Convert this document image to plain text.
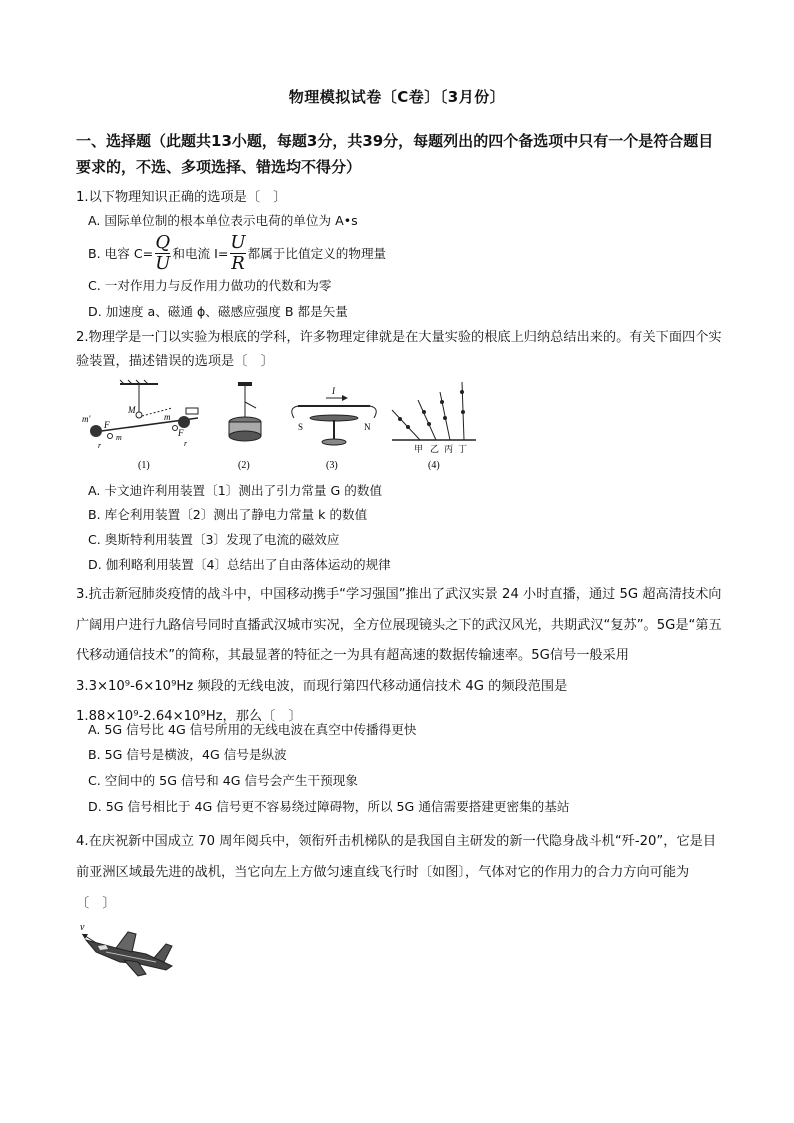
物理模拟试卷〔C卷〕〔3月份〕
一、选择题（此题共13小题，每题3分，共39分，每题列出的四个备选项中只有一个是符合题目要求的，不选、多项选择、错选均不得分）
1.以下物理知识正确的选项是〔　〕
A. 国际单位制的根本单位表示电荷的单位为 A•s
B. 电容 $C= \frac{Q}{U}$ 和电流 $I= \frac{U}{R}$ 都属于比值定义的物理量
C. 一对作用力与反作用力做功的代数和为零
D. 加速度 a、磁通 ϕ、磁感应强度 B 都是矢量
2.物理学是一门以实验为根底的学科，许多物理定律就是在大量实验的根底上归纳总结出来的。有关下面四个实验装置，描述错误的选项是〔　〕
m'
M
F
m
m
F
r	r
(1)	(2)
I
S	N
(3)
甲 乙 丙 丁
(4)
A. 卡文迪许利用装置〔1〕测出了引力常量 G 的数值
B. 库仑利用装置〔2〕测出了静电力常量 k 的数值
C. 奥斯特利用装置〔3〕发现了电流的磁效应
D. 伽利略利用装置〔4〕总结出了自由落体运动的规律
3.抗击新冠肺炎疫情的战斗中，中国移动携手“学习强国”推出了武汉实景 24 小时直播，通过 5G 超高清技术向广阔用户进行九路信号同时直播武汉城市实况，全方位展现镜头之下的武汉风光，共期武汉“复苏”。5G是“第五代移动通信技术”的简称，其最显著的特征之一为具有超高速的数据传输速率。5G信号一般采用 3.3×10⁹-6×10⁹Hz 频段的无线电波，而现行第四代移动通信技术 4G 的频段范围是 1.88×10⁹-2.64×10⁹Hz，那么〔　〕
A. 5G 信号比 4G 信号所用的无线电波在真空中传播得更快
B. 5G 信号是横波，4G 信号是纵波
C. 空间中的 5G 信号和 4G 信号会产生干预现象
D. 5G 信号相比于 4G 信号更不容易绕过障碍物，所以 5G 通信需要搭建更密集的基站
4.在庆祝新中国成立 70 周年阅兵中，领衔歼击机梯队的是我国自主研发的新一代隐身战斗机“歼-20”，它是目前亚洲区域最先进的战机，当它向左上方做匀速直线飞行时〔如图〕，气体对它的作用力的合力方向可能为〔　〕
v
